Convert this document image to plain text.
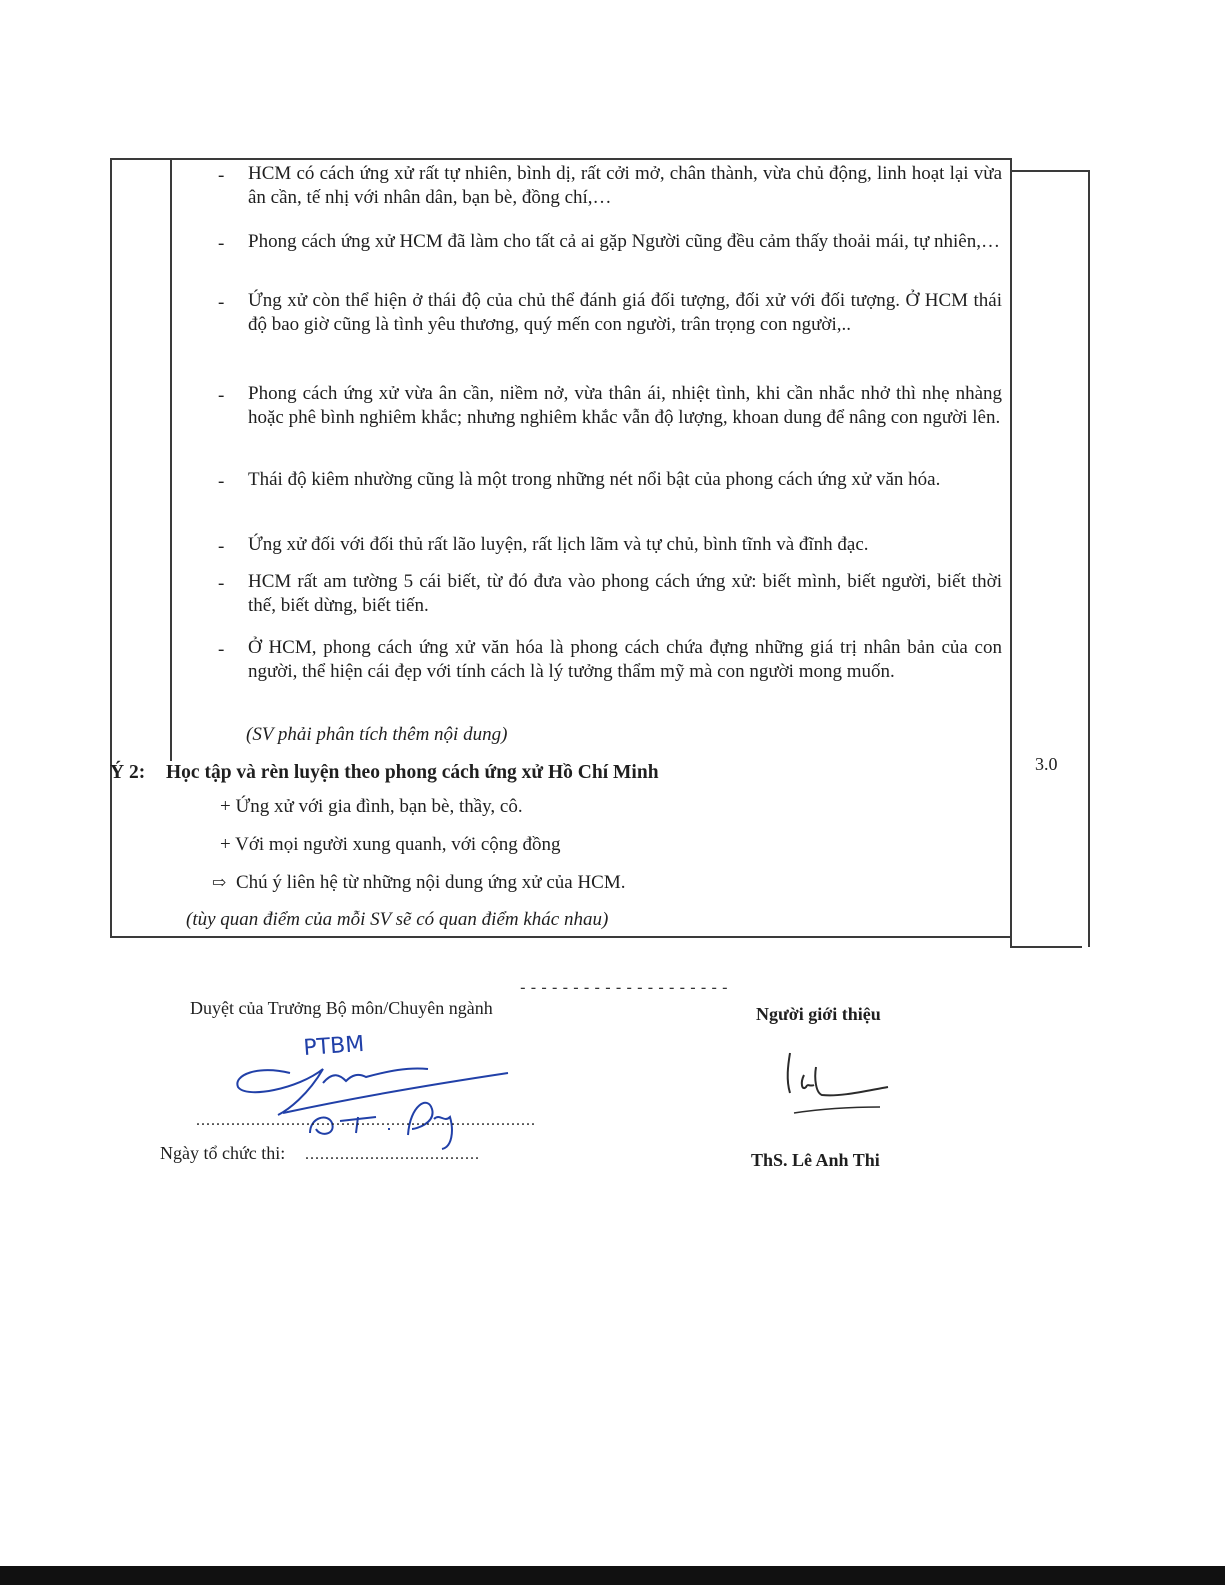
- HCM có cách ứng xử rất tự nhiên, bình dị, rất cởi mở, chân thành, vừa chủ động, linh hoạt lại vừa ân cần, tế nhị với nhân dân, bạn bè, đồng chí,…
- Phong cách ứng xử HCM đã làm cho tất cả ai gặp Người cũng đều cảm thấy thoải mái, tự nhiên,…
- Ứng xử còn thể hiện ở thái độ của chủ thể đánh giá đối tượng, đối xử với đối tượng. Ở HCM thái độ bao giờ cũng là tình yêu thương, quý mến con người, trân trọng con người,..
- Phong cách ứng xử vừa ân cần, niềm nở, vừa thân ái, nhiệt tình, khi cần nhắc nhở thì nhẹ nhàng hoặc phê bình nghiêm khắc; nhưng nghiêm khắc vẫn độ lượng, khoan dung để nâng con người lên.
- Thái độ kiêm nhường cũng là một trong những nét nổi bật của phong cách ứng xử văn hóa.
- Ứng xử đối với đối thủ rất lão luyện, rất lịch lãm và tự chủ, bình tĩnh và đĩnh đạc.
- HCM rất am tường 5 cái biết, từ đó đưa vào phong cách ứng xử: biết mình, biết người, biết thời thế, biết dừng, biết tiến.
- Ở HCM, phong cách ứng xử văn hóa là phong cách chứa đựng những giá trị nhân bản của con người, thể hiện cái đẹp với tính cách là lý tưởng thẩm mỹ mà con người mong muốn.
(SV phải phân tích thêm nội dung)
Ý 2: Học tập và rèn luyện theo phong cách ứng xử Hồ Chí Minh	3.0
+ Ứng xử với gia đình, bạn bè, thầy, cô.
+ Với mọi người xung quanh, với cộng đồng
⇨ Chú ý liên hệ từ những nội dung ứng xử của HCM.
(tùy quan điểm của mỗi SV sẽ có quan điểm khác nhau)
--------------------
Duyệt của Trưởng Bộ môn/Chuyên ngành
PTBM
....................................................................
Ngày tổ chức thi: ...................................
Người giới thiệu
ThS. Lê Anh Thi
